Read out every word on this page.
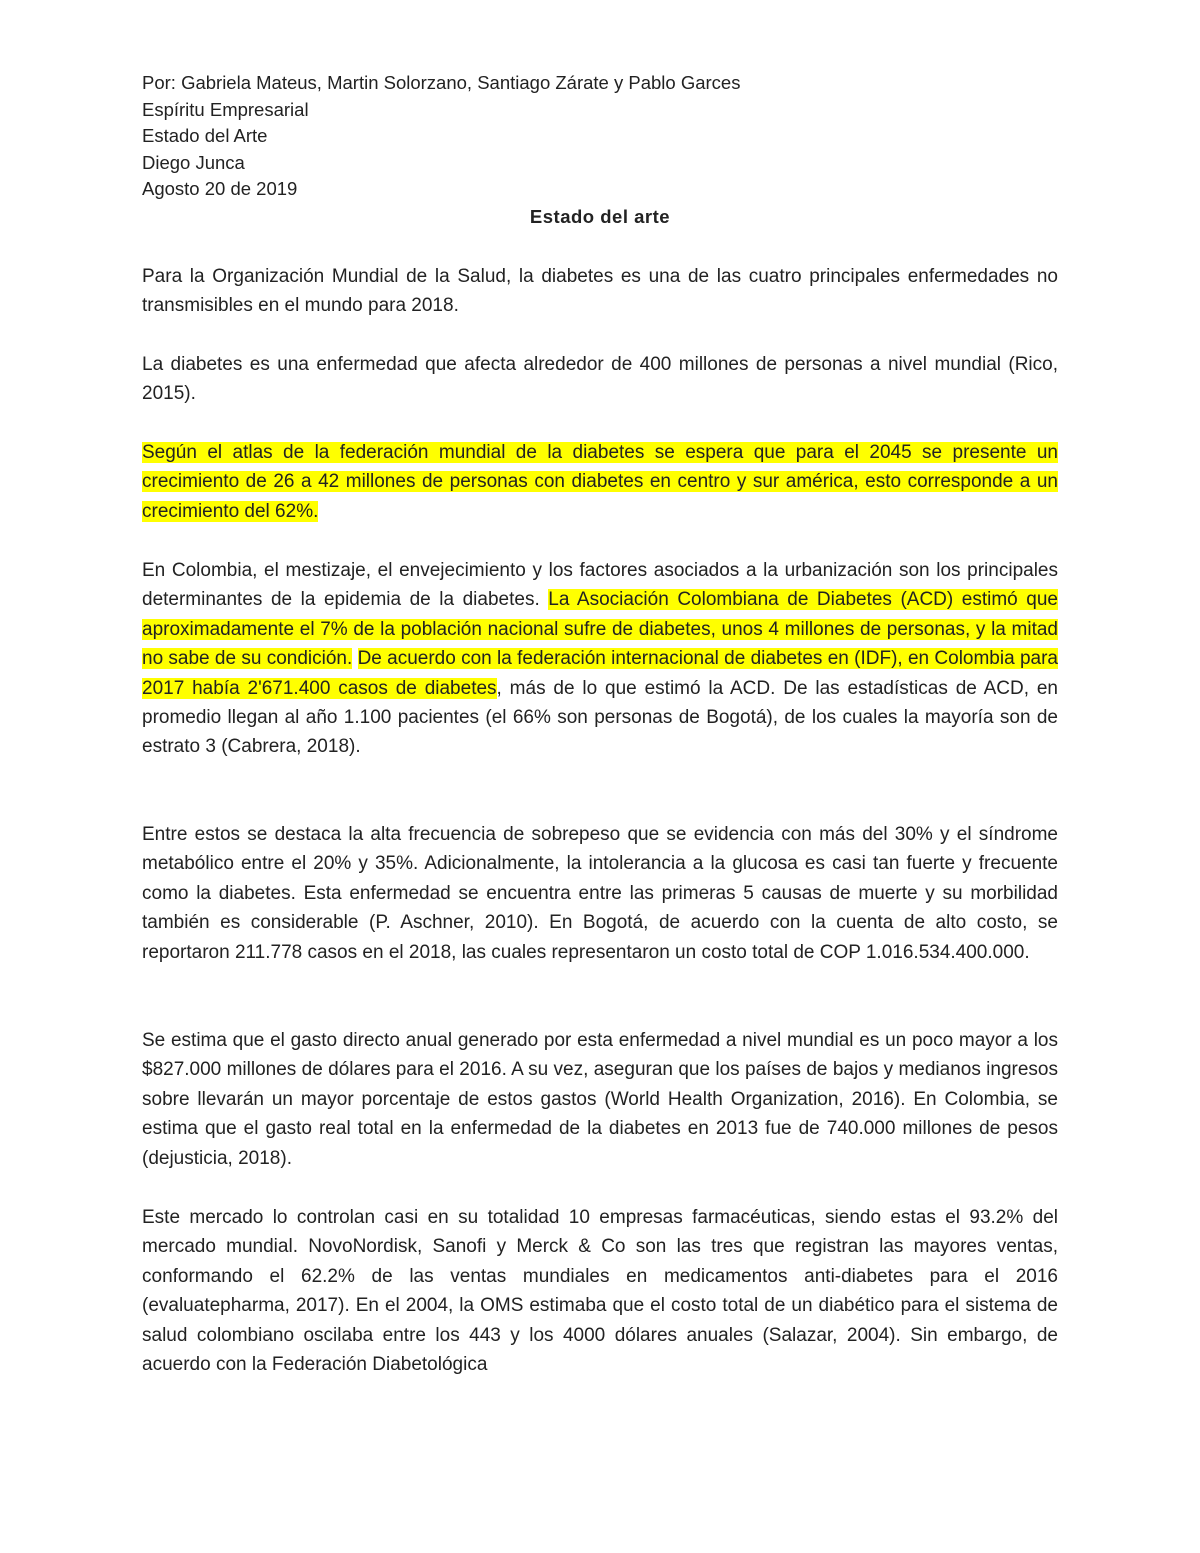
Por: Gabriela Mateus, Martin Solorzano, Santiago Zárate y Pablo Garces
Espíritu Empresarial
Estado del Arte
Diego Junca
Agosto 20 de 2019
Estado del arte

Para la Organización Mundial de la Salud, la diabetes es una de las cuatro principales enfermedades no transmisibles en el mundo para 2018.

La diabetes es una enfermedad que afecta alrededor de 400 millones de personas a nivel mundial (Rico, 2015).

Según el atlas de la federación mundial de la diabetes se espera que para el 2045 se presente un crecimiento de 26 a 42 millones de personas con diabetes en centro y sur américa, esto corresponde a un crecimiento del 62%.

En Colombia, el mestizaje, el envejecimiento y los factores asociados a la urbanización son los principales determinantes de la epidemia de la diabetes. La Asociación Colombiana de Diabetes (ACD) estimó que aproximadamente el 7% de la población nacional sufre de diabetes, unos 4 millones de personas, y la mitad no sabe de su condición. De acuerdo con la federación internacional de diabetes en (IDF), en Colombia para 2017 había 2'671.400 casos de diabetes, más de lo que estimó la ACD. De las estadísticas de ACD, en promedio llegan al año 1.100 pacientes (el 66% son personas de Bogotá), de los cuales la mayoría son de estrato 3 (Cabrera, 2018).

Entre estos se destaca la alta frecuencia de sobrepeso que se evidencia con más del 30% y el síndrome metabólico entre el 20% y 35%. Adicionalmente, la intolerancia a la glucosa es casi tan fuerte y frecuente como la diabetes. Esta enfermedad se encuentra entre las primeras 5 causas de muerte y su morbilidad también es considerable (P. Aschner, 2010). En Bogotá, de acuerdo con la cuenta de alto costo, se reportaron 211.778 casos en el 2018, las cuales representaron un costo total de COP 1.016.534.400.000.

Se estima que el gasto directo anual generado por esta enfermedad a nivel mundial es un poco mayor a los $827.000 millones de dólares para el 2016. A su vez, aseguran que los países de bajos y medianos ingresos sobre llevarán un mayor porcentaje de estos gastos (World Health Organization, 2016). En Colombia, se estima que el gasto real total en la enfermedad de la diabetes en 2013 fue de 740.000 millones de pesos (dejusticia, 2018).

Este mercado lo controlan casi en su totalidad 10 empresas farmacéuticas, siendo estas el 93.2% del mercado mundial. NovoNordisk, Sanofi y Merck & Co son las tres que registran las mayores ventas, conformando el 62.2% de las ventas mundiales en medicamentos anti-diabetes para el 2016 (evaluatepharma, 2017). En el 2004, la OMS estimaba que el costo total de un diabético para el sistema de salud colombiano oscilaba entre los 443 y los 4000 dólares anuales (Salazar, 2004). Sin embargo, de acuerdo con la Federación Diabetológica
